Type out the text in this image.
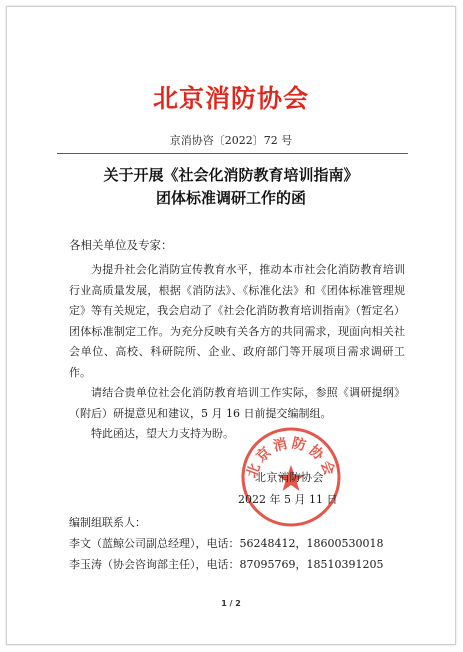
北京消防协会
京消协咨〔2022〕72 号
关于开展《社会化消防教育培训指南》
团体标准调研工作的函
各相关单位及专家：

为提升社会化消防宣传教育水平，推动本市社会化消防教育培训行业高质量发展，根据《消防法》、《标准化法》和《团体标准管理规定》等有关规定，我会启动了《社会化消防教育培训指南》（暂定名）团体标准制定工作。为充分反映有关各方的共同需求，现面向相关社会单位、高校、科研院所、企业、政府部门等开展项目需求调研工作。

请结合贵单位社会化消防教育培训工作实际，参照《调研提纲》（附后）研提意见和建议，5 月 16 日前提交编制组。

特此函达，望大力支持为盼。

北京消防协会
北京消防协会
2022 年 5 月 11 日
编制组联系人：
李文（蓝鲸公司副总经理），电话：56248412，18600530018
李玉涛（协会咨询部主任），电话：87095769，18510391205
1 / 2
